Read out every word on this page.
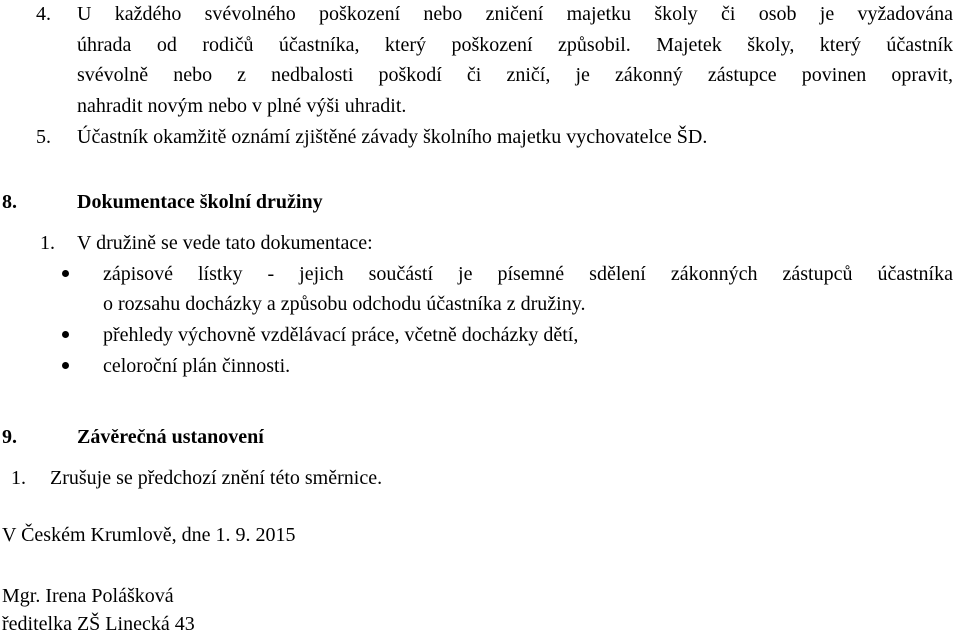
4. U každého svévolného poškození nebo zničení majetku školy či osob je vyžadována
úhrada od rodičů účastníka, který poškození způsobil. Majetek školy, který účastník
svévolně nebo z nedbalosti poškodí či zničí, je zákonný zástupce povinen opravit,
nahradit novým nebo v plné výši uhradit.
5. Účastník okamžitě oznámí zjištěné závady školního majetku vychovatelce ŠD.
8.	Dokumentace školní družiny
1. V družině se vede tato dokumentace:
zápisové lístky - jejich součástí je písemné sdělení zákonných zástupců účastníka
o rozsahu docházky a způsobu odchodu účastníka z družiny.
přehledy výchovně vzdělávací práce, včetně docházky dětí,
celoroční plán činnosti.
9.	Závěrečná ustanovení
1. Zrušuje se předchozí znění této směrnice.
V Českém Krumlově, dne 1. 9. 2015
Mgr. Irena Polášková
ředitelka ZŠ Linecká 43
